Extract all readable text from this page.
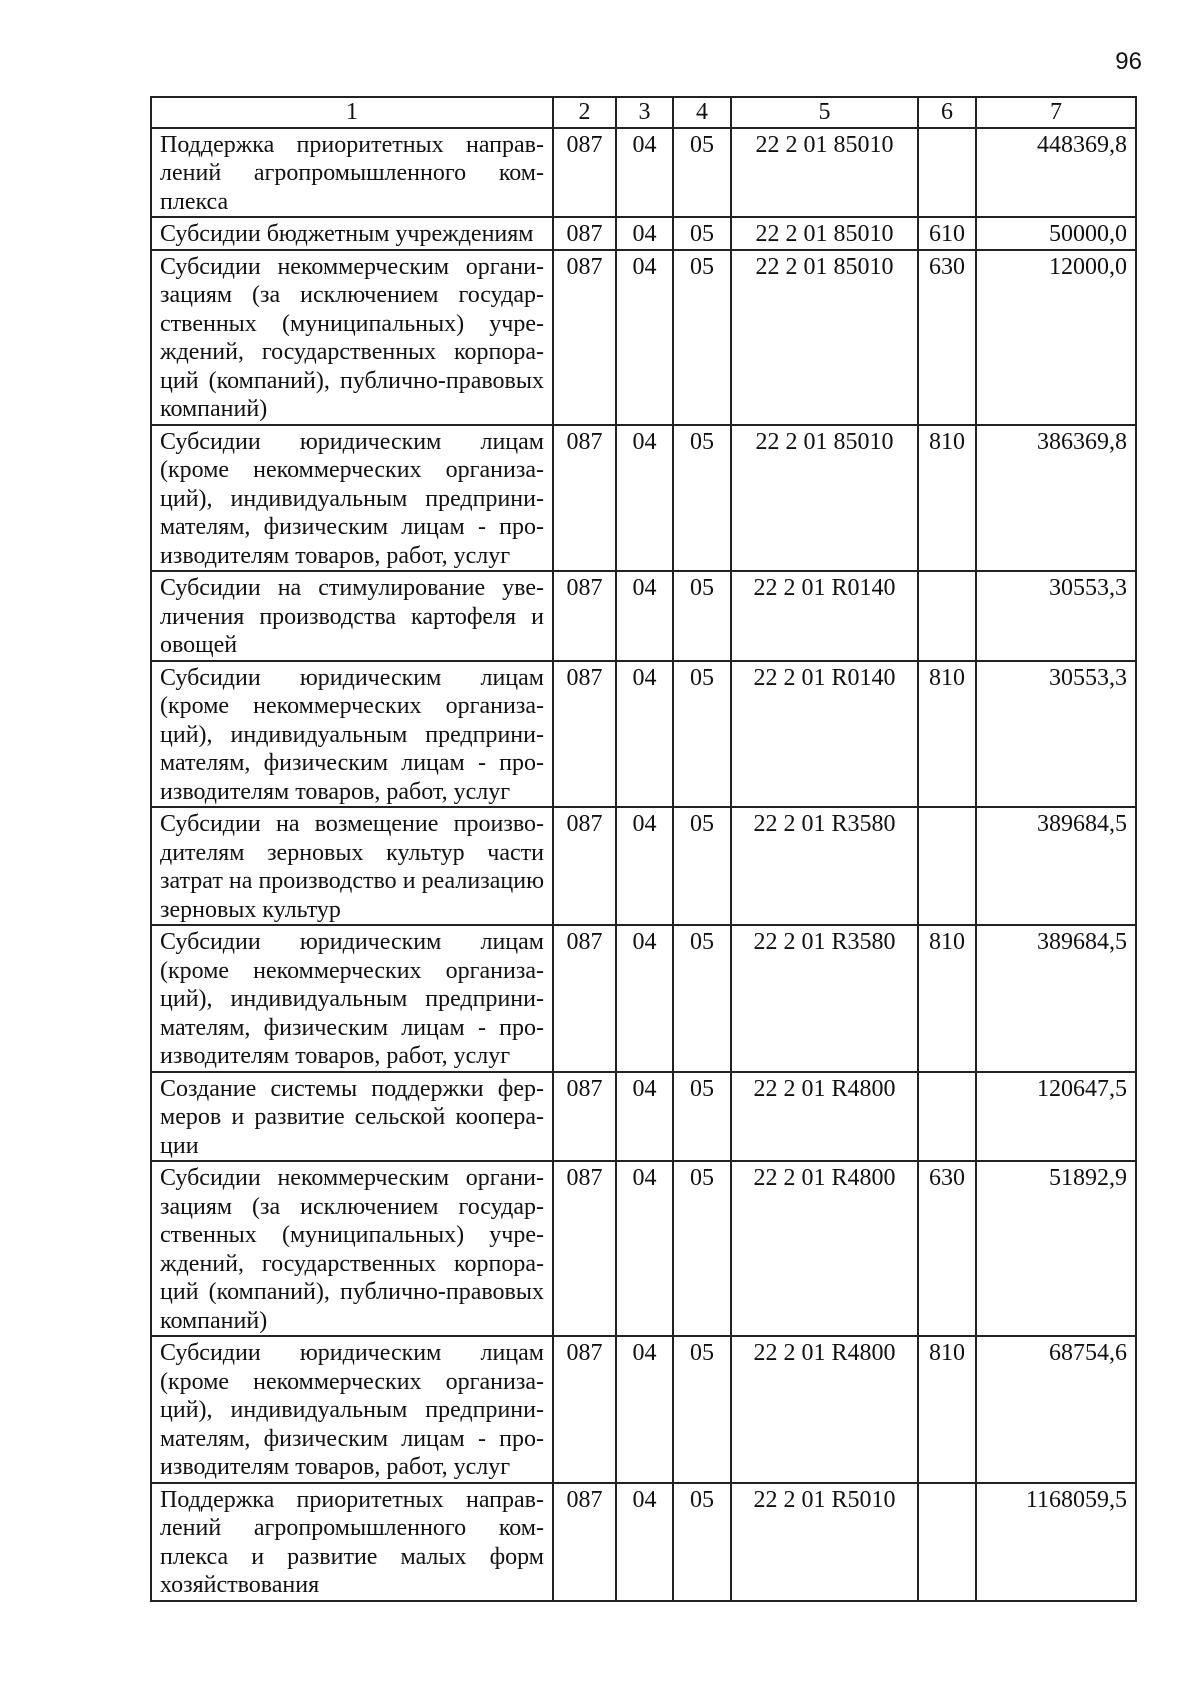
96
1	2	3	4	5	6	7
Поддержка приоритетных направлений агропромышленного комплекса	087	04	05	22 2 01 85010		448369,8
Субсидии бюджетным учреждениям	087	04	05	22 2 01 85010	610	50000,0
Субсидии некоммерческим организациям (за исключением государственных (муниципальных) учреждений, государственных корпораций (компаний), публично-правовых компаний)	087	04	05	22 2 01 85010	630	12000,0
Субсидии юридическим лицам (кроме некоммерческих организаций), индивидуальным предпринимателям, физическим лицам - производителям товаров, работ, услуг	087	04	05	22 2 01 85010	810	386369,8
Субсидии на стимулирование увеличения производства картофеля и овощей	087	04	05	22 2 01 R0140		30553,3
Субсидии юридическим лицам (кроме некоммерческих организаций), индивидуальным предпринимателям, физическим лицам - производителям товаров, работ, услуг	087	04	05	22 2 01 R0140	810	30553,3
Субсидии на возмещение производителям зерновых культур части затрат на производство и реализацию зерновых культур	087	04	05	22 2 01 R3580		389684,5
Субсидии юридическим лицам (кроме некоммерческих организаций), индивидуальным предпринимателям, физическим лицам - производителям товаров, работ, услуг	087	04	05	22 2 01 R3580	810	389684,5
Создание системы поддержки фермеров и развитие сельской кооперации	087	04	05	22 2 01 R4800		120647,5
Субсидии некоммерческим организациям (за исключением государственных (муниципальных) учреждений, государственных корпораций (компаний), публично-правовых компаний)	087	04	05	22 2 01 R4800	630	51892,9
Субсидии юридическим лицам (кроме некоммерческих организаций), индивидуальным предпринимателям, физическим лицам - производителям товаров, работ, услуг	087	04	05	22 2 01 R4800	810	68754,6
Поддержка приоритетных направлений агропромышленного комплекса и развитие малых форм хозяйствования	087	04	05	22 2 01 R5010		1168059,5
